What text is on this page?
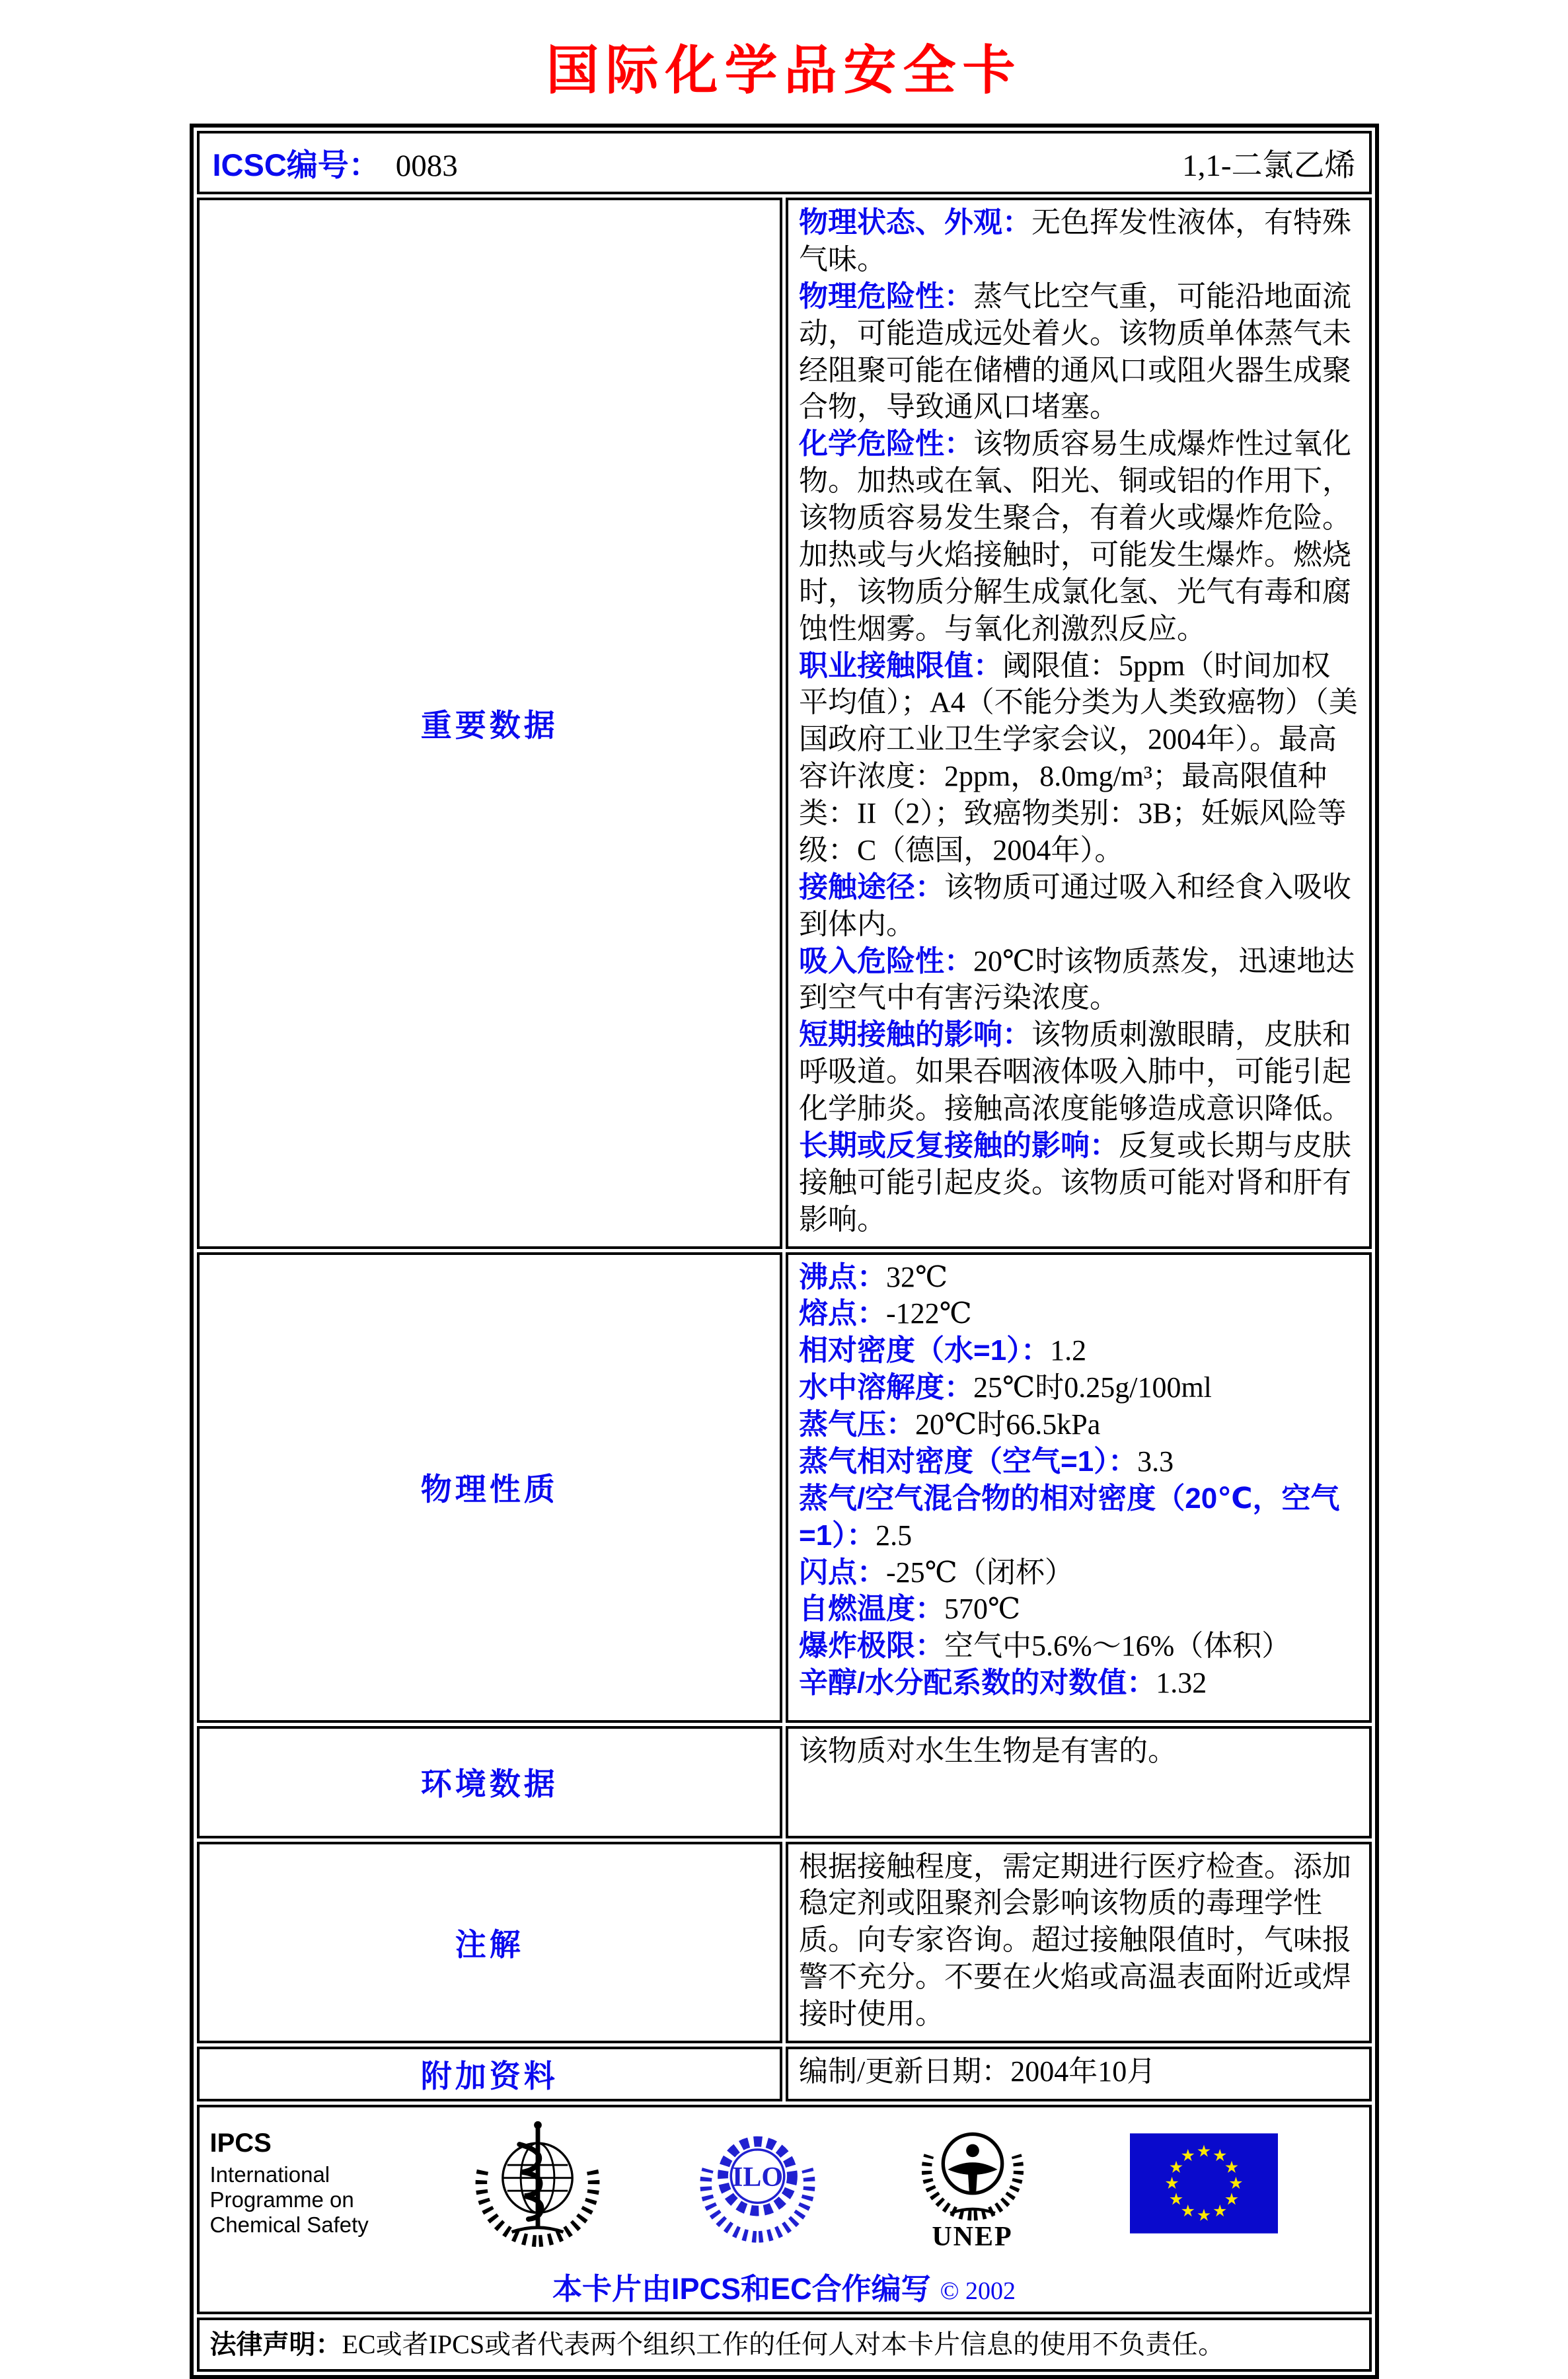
国际化学品安全卡
ICSC编号： 0083 1,1-二氯乙烯	

重要数据	
物理状态、外观：无色挥发性液体，有特殊气味。
物理危险性：蒸气比空气重，可能沿地面流动，可能造成远处着火。该物质单体蒸气未经阻聚可能在储槽的通风口或阻火器生成聚合物，导致通风口堵塞。
化学危险性：该物质容易生成爆炸性过氧化物。加热或在氧、阳光、铜或铝的作用下，该物质容易发生聚合，有着火或爆炸危险。加热或与火焰接触时，可能发生爆炸。燃烧时，该物质分解生成氯化氢、光气有毒和腐蚀性烟雾。与氧化剂激烈反应。
职业接触限值：阈限值：5ppm（时间加权平均值）；A4（不能分类为人类致癌物）（美国政府工业卫生学家会议，2004年）。最高容许浓度：2ppm，8.0mg/m³；最高限值种类：II（2）；致癌物类别：3B；妊娠风险等级：C（德国，2004年）。
接触途径：该物质可通过吸入和经食入吸收到体内。
吸入危险性：20℃时该物质蒸发，迅速地达到空气中有害污染浓度。
短期接触的影响：该物质刺激眼睛，皮肤和呼吸道。如果吞咽液体吸入肺中，可能引起化学肺炎。接触高浓度能够造成意识降低。
长期或反复接触的影响：反复或长期与皮肤接触可能引起皮炎。该物质可能对肾和肝有影响。

物理性质	
沸点：32℃
熔点：-122℃
相对密度（水=1）：1.2
水中溶解度：25℃时0.25g/100ml
蒸气压：20℃时66.5kPa
蒸气相对密度（空气=1）：3.3
蒸气/空气混合物的相对密度（20℃，空气=1）：2.5
闪点：-25℃（闭杯）
自燃温度：570℃
爆炸极限：空气中5.6%～16%（体积）
辛醇/水分配系数的对数值：1.32

环境数据	该物质对水生生物是有害的。

注解	根据接触程度，需定期进行医疗检查。添加稳定剂或阻聚剂会影响该物质的毒理学性质。向专家咨询。超过接触限值时，气味报警不充分。不要在火焰或高温表面附近或焊接时使用。

附加资料	编制/更新日期：2004年10月

IPCS
International
Programme on
Chemical Safety
ILO
UNEP
本卡片由IPCS和EC合作编写 © 2002

法律声明：EC或者IPCS或者代表两个组织工作的任何人对本卡片信息的使用不负责任。	
